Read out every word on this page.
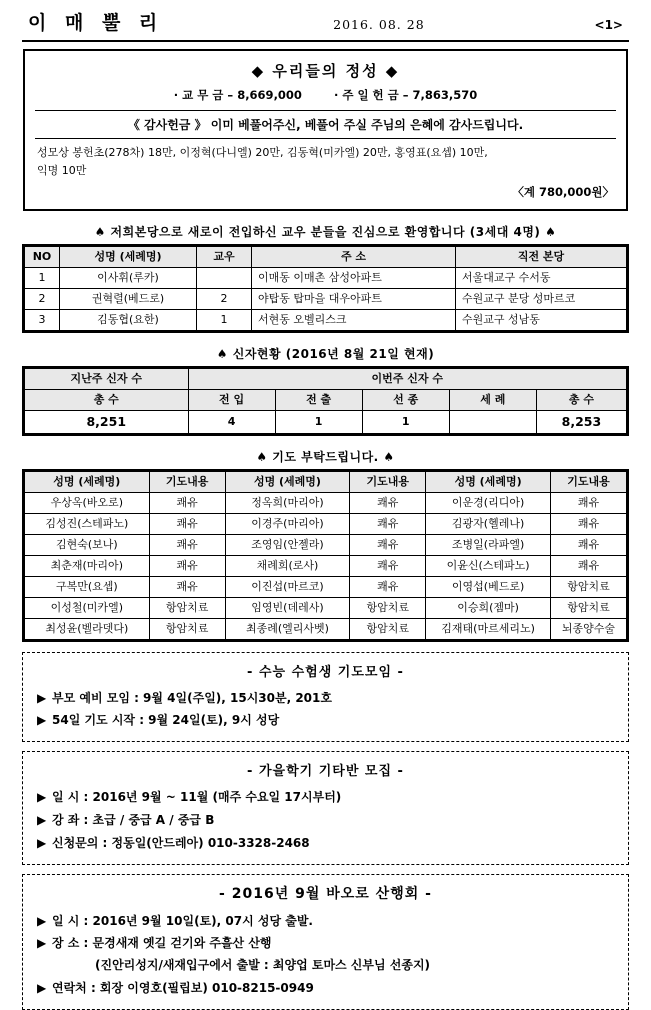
이 매 뿔 리	2016. 08. 28	<1>
◆ 우리들의 정성 ◆
· 교 무 금 – 8,669,000	· 주 일 헌 금 – 7,863,570
《 감사헌금 》 이미 베풀어주신, 베풀어 주실 주님의 은혜에 감사드립니다.
성모상 봉헌초(278차) 18만, 이정혁(다니엘) 20만, 김동혁(미카엘) 20만, 홍영표(요셉) 10만,
익명 10만
〈계 780,000원〉
♠ 저희본당으로 새로이 전입하신 교우 분들을 진심으로 환영합니다 (3세대 4명) ♠
NO	성명 (세례명)	교우	주 소	직전 본당
1	이사휘(루카)		이매동 이매촌 삼성아파트	서울대교구 수서동
2	권혁렬(베드로)	2	야탑동 탑마을 대우아파트	수원교구 분당 성마르코
3	김동협(요한)	1	서현동 오벨리스크	수원교구 성남동
♠ 신자현황 (2016년 8월 21일 현재)
지난주 신자 수	이번주 신자 수				
총 수	전 입	전 출	선 종	세 례	총 수
8,251	4	1	1		8,253
♠ 기도 부탁드립니다. ♠
성명 (세례명)	기도내용	성명 (세례명)	기도내용	성명 (세례명)	기도내용
우상옥(바오로)	쾌유	정옥희(마리아)	쾌유	이운경(리디아)	쾌유
김성진(스테파노)	쾌유	이경주(마리아)	쾌유	김광자(헬레나)	쾌유
김현숙(보나)	쾌유	조영임(안젤라)	쾌유	조병일(라파엘)	쾌유
최춘재(마리아)	쾌유	채례희(로사)	쾌유	이윤신(스테파노)	쾌유
구복만(요셉)	쾌유	이진섭(마르코)	쾌유	이영섭(베드로)	항암치료
이성철(미카엘)	항암치료	임영빈(데레사)	항암치료	이승희(젬마)	항암치료
최성윤(벨라뎃다)	항암치료	최종례(엘리사벳)	항암치료	김재태(마르세리노)	뇌종양수술
- 수능 수험생 기도모임 -
▶ 부모 예비 모임 : 9월 4일(주일), 15시30분, 201호
▶ 54일 기도 시작 : 9월 24일(토), 9시 성당
- 가을학기 기타반 모집 -
▶ 일 시 : 2016년 9월 ~ 11월 (매주 수요일 17시부터)
▶ 강 좌 : 초급 / 중급 A / 중급 B
▶ 신청문의 : 정동일(안드레아) 010-3328-2468
- 2016년 9월 바오로 산행회 -
▶ 일 시 : 2016년 9월 10일(토), 07시 성당 출발.
▶ 장 소 : 문경새재 옛길 걷기와 주흘산 산행
(진안리성지/새재입구에서 출발 : 최양업 토마스 신부님 선종지)
▶ 연락처 : 회장 이영호(필립보) 010-8215-0949
